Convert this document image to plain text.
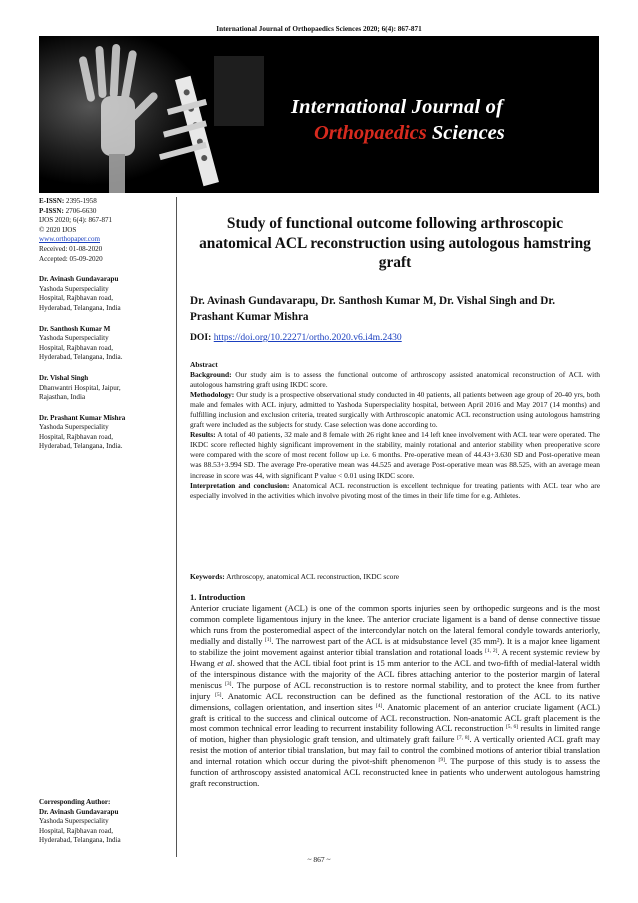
International Journal of Orthopaedics Sciences 2020; 6(4): 867-871
International Journal of
Orthopaedics Sciences
E-ISSN: 2395-1958
P-ISSN: 2706-6630
IJOS 2020; 6(4): 867-871
© 2020 IJOS
www.orthopaper.com
Received: 01-08-2020
Accepted: 05-09-2020
Dr. Avinash Gundavarapu
Yashoda Superspeciality
Hospital, Rajbhavan road,
Hyderabad, Telangana, India
Dr. Santhosh Kumar M
Yashoda Superspeciality
Hospital, Rajbhavan road,
Hyderabad, Telangana, India.
Dr. Vishal Singh
Dhanwantri Hospital, Jaipur,
Rajasthan, India
Dr. Prashant Kumar Mishra
Yashoda Superspeciality
Hospital, Rajbhavan road,
Hyderabad, Telangana, India.
Corresponding Author:
Dr. Avinash Gundavarapu
Yashoda Superspeciality
Hospital, Rajbhavan road,
Hyderabad, Telangana, India
Study of functional outcome following arthroscopic anatomical ACL reconstruction using autologous hamstring graft
Dr. Avinash Gundavarapu, Dr. Santhosh Kumar M, Dr. Vishal Singh and Dr. Prashant Kumar Mishra
DOI: https://doi.org/10.22271/ortho.2020.v6.i4m.2430

Abstract

Background: Our study aim is to assess the functional outcome of arthroscopy assisted anatomical reconstruction of ACL with autologous hamstring graft using IKDC score.

Methodology: Our study is a prospective observational study conducted in 40 patients, all patients between age group of 20-40 yrs, both male and females with ACL injury, admitted to Yashoda Superspeciality hospital, between April 2016 and May 2017 (14 months) and fulfilling inclusion and exclusion criteria, treated surgically with Arthroscopic anatomic ACL reconstruction using autologous hamstring graft were included as the subjects for study. Case selection was done according to.

Results: A total of 40 patients, 32 male and 8 female with 26 right knee and 14 left knee involvement with ACL tear were operated. The IKDC score reflected highly significant improvement in the stability, mainly rotational and anterior stability when preoperative score were compared with the score of most recent follow up i.e. 6 months. Pre-operative mean of 44.43+3.630 SD and Post-operative mean was 88.53+3.994 SD. The average Pre-operative mean was 44.525 and average Post-operative mean was 88.525, with an average mean increase in score was 44, with significant P value < 0.01 using IKDC score.

Interpretation and conclusion: Anatomical ACL reconstruction is excellent technique for treating patients with ACL tear who are especially involved in the activities which involve pivoting most of the times in their life time for e.g. Athletes.

Keywords: Arthroscopy, anatomical ACL reconstruction, IKDC score
1. Introduction
Anterior cruciate ligament (ACL) is one of the common sports injuries seen by orthopedic surgeons and is the most common complete ligamentous injury in the knee. The anterior cruciate ligament is a band of dense connective tissue which runs from the posteromedial aspect of the intercondylar notch on the lateral femoral condyle towards anteriorly, medially and distally [1]. The narrowest part of the ACL is at midsubstance level (35 mm²). It is a major knee ligament to stabilize the joint movement against anterior tibial translation and rotational loads [1, 2]. A recent systemic review by Hwang et al. showed that the ACL tibial foot print is 15 mm anterior to the ACL and two-fifth of medial-lateral width of the interspinous distance with the majority of the ACL fibres attaching anterior to the posterior margin of lateral meniscus [3]. The purpose of ACL reconstruction is to restore normal stability, and to protect the knee from further injury [5]. Anatomic ACL reconstruction can be defined as the functional restoration of the ACL to its native dimensions, collagen orientation, and insertion sites [4]. Anatomic placement of an anterior cruciate ligament (ACL) graft is critical to the success and clinical outcome of ACL reconstruction. Non-anatomic ACL graft placement is the most common technical error leading to recurrent instability following ACL reconstruction [5, 6] results in limited range of motion, higher than physiologic graft tension, and ultimately graft failure [7, 8]. A vertically oriented ACL graft may resist the motion of anterior tibial translation, but may fail to control the combined motions of anterior tibial translation and internal rotation which occur during the pivot-shift phenomenon [9]. The purpose of this study is to assess the function of arthroscopy assisted anatomical ACL reconstructed knee in patients who underwent autologous hamstring graft reconstruction.
~ 867 ~
